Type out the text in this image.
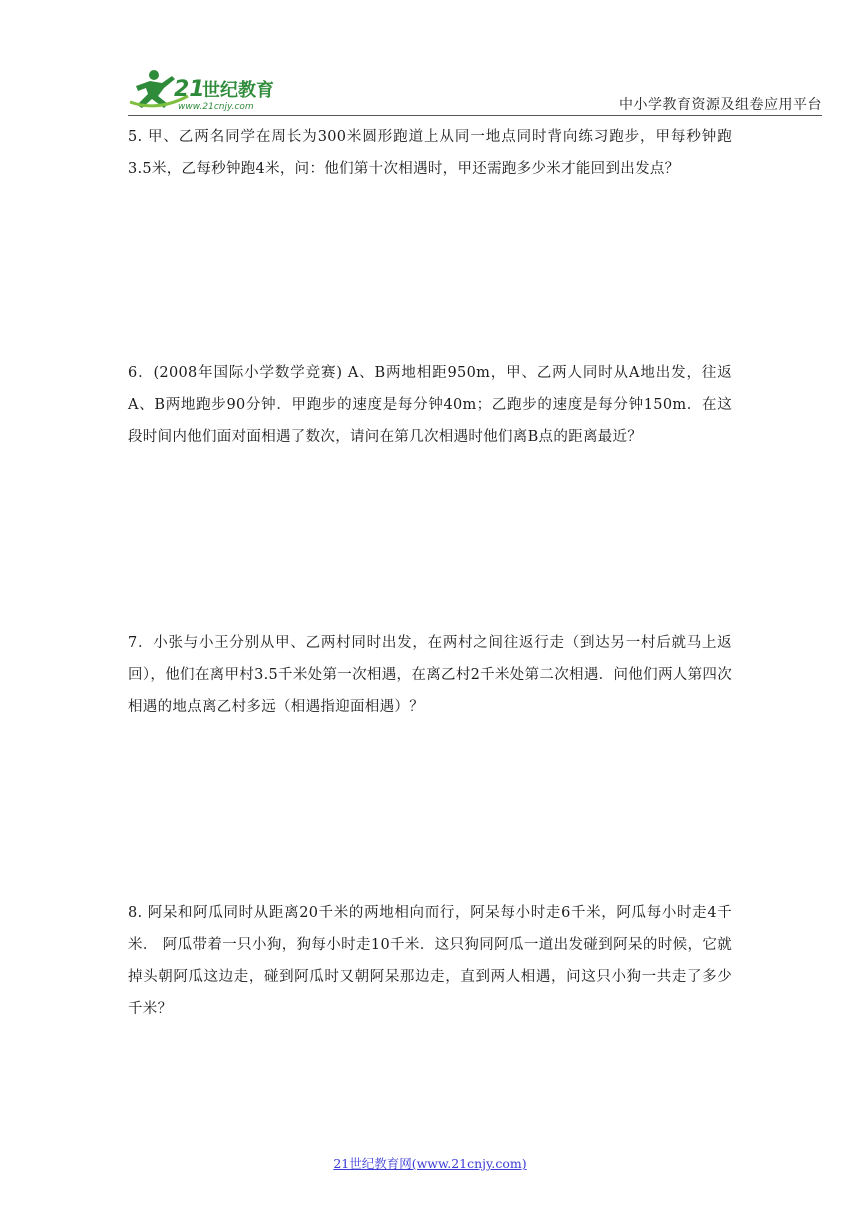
21
世纪教育
www.21cnjy.com	中小学教育资源及组卷应用平台
5. 甲、乙两名同学在周长为300米圆形跑道上从同一地点同时背向练习跑步，甲每秒钟跑3.5米，乙每秒钟跑4米，问：他们第十次相遇时，甲还需跑多少米才能回到出发点？
6．(2008年国际小学数学竞赛) A、B两地相距950m，甲、乙两人同时从A地出发，往返A、B两地跑步90分钟．甲跑步的速度是每分钟40m；乙跑步的速度是每分钟150m．在这段时间内他们面对面相遇了数次，请问在第几次相遇时他们离B点的距离最近？
7．小张与小王分别从甲、乙两村同时出发，在两村之间往返行走（到达另一村后就马上返回），他们在离甲村3.5千米处第一次相遇，在离乙村2千米处第二次相遇．问他们两人第四次相遇的地点离乙村多远（相遇指迎面相遇）？
8. 阿呆和阿瓜同时从距离20千米的两地相向而行，阿呆每小时走6千米，阿瓜每小时走4千米． 阿瓜带着一只小狗，狗每小时走10千米．这只狗同阿瓜一道出发碰到阿呆的时候，它就掉头朝阿瓜这边走，碰到阿瓜时又朝阿呆那边走，直到两人相遇，问这只小狗一共走了多少千米？
21世纪教育网(www.21cnjy.com)
